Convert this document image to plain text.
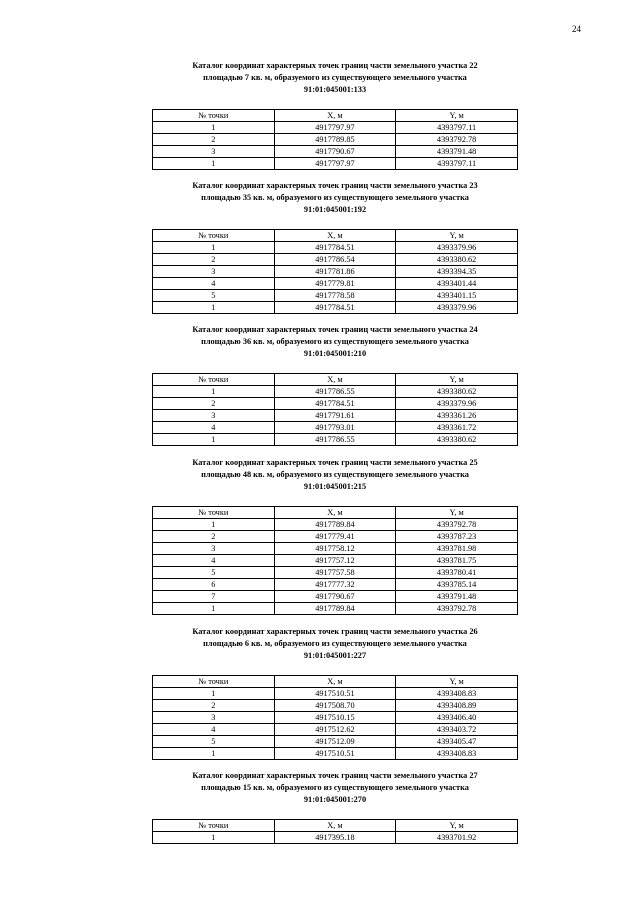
24
Каталог координат характерных точек границ части земельного участка 22
площадью 7 кв. м, образуемого из существующего земельного участка
91:01:045001:133
№ точки	X, м	Y, м
1	4917797.97	4393797.11
2	4917789.85	4393792.78
3	4917790.67	4393791.48
1	4917797.97	4393797.11
Каталог координат характерных точек границ части земельного участка 23
площадью 35 кв. м, образуемого из существующего земельного участка
91:01:045001:192
№ точки	X, м	Y, м
1	4917784.51	4393379.96
2	4917786.54	4393380.62
3	4917781.86	4393394.35
4	4917779.81	4393401.44
5	4917778.58	4393401.15
1	4917784.51	4393379.96
Каталог координат характерных точек границ части земельного участка 24
площадью 36 кв. м, образуемого из существующего земельного участка
91:01:045001:210
№ точки	X, м	Y, м
1	4917786.55	4393380.62
2	4917784.51	4393379.96
3	4917791.61	4393361.26
4	4917793.01	4393361.72
1	4917786.55	4393380.62
Каталог координат характерных точек границ части земельного участка 25
площадью 48 кв. м, образуемого из существующего земельного участка
91:01:045001:215
№ точки	X, м	Y, м
1	4917789.84	4393792.78
2	4917779.41	4393787.23
3	4917758.12	4393781.98
4	4917757.12	4393781.75
5	4917757.58	4393780.41
6	4917777.32	4393785.14
7	4917790.67	4393791.48
1	4917789.84	4393792.78
Каталог координат характерных точек границ части земельного участка 26
площадью 6 кв. м, образуемого из существующего земельного участка
91:01:045001:227
№ точки	X, м	Y, м
1	4917510.51	4393408.83
2	4917508.70	4393408.89
3	4917510.15	4393406.40
4	4917512.62	4393403.72
5	4917512.09	4393405.47
1	4917510.51	4393408.83
Каталог координат характерных точек границ части земельного участка 27
площадью 15 кв. м, образуемого из существующего земельного участка
91:01:045001:270
№ точки	X, м	Y, м
1	4917395.18	4393701.92
